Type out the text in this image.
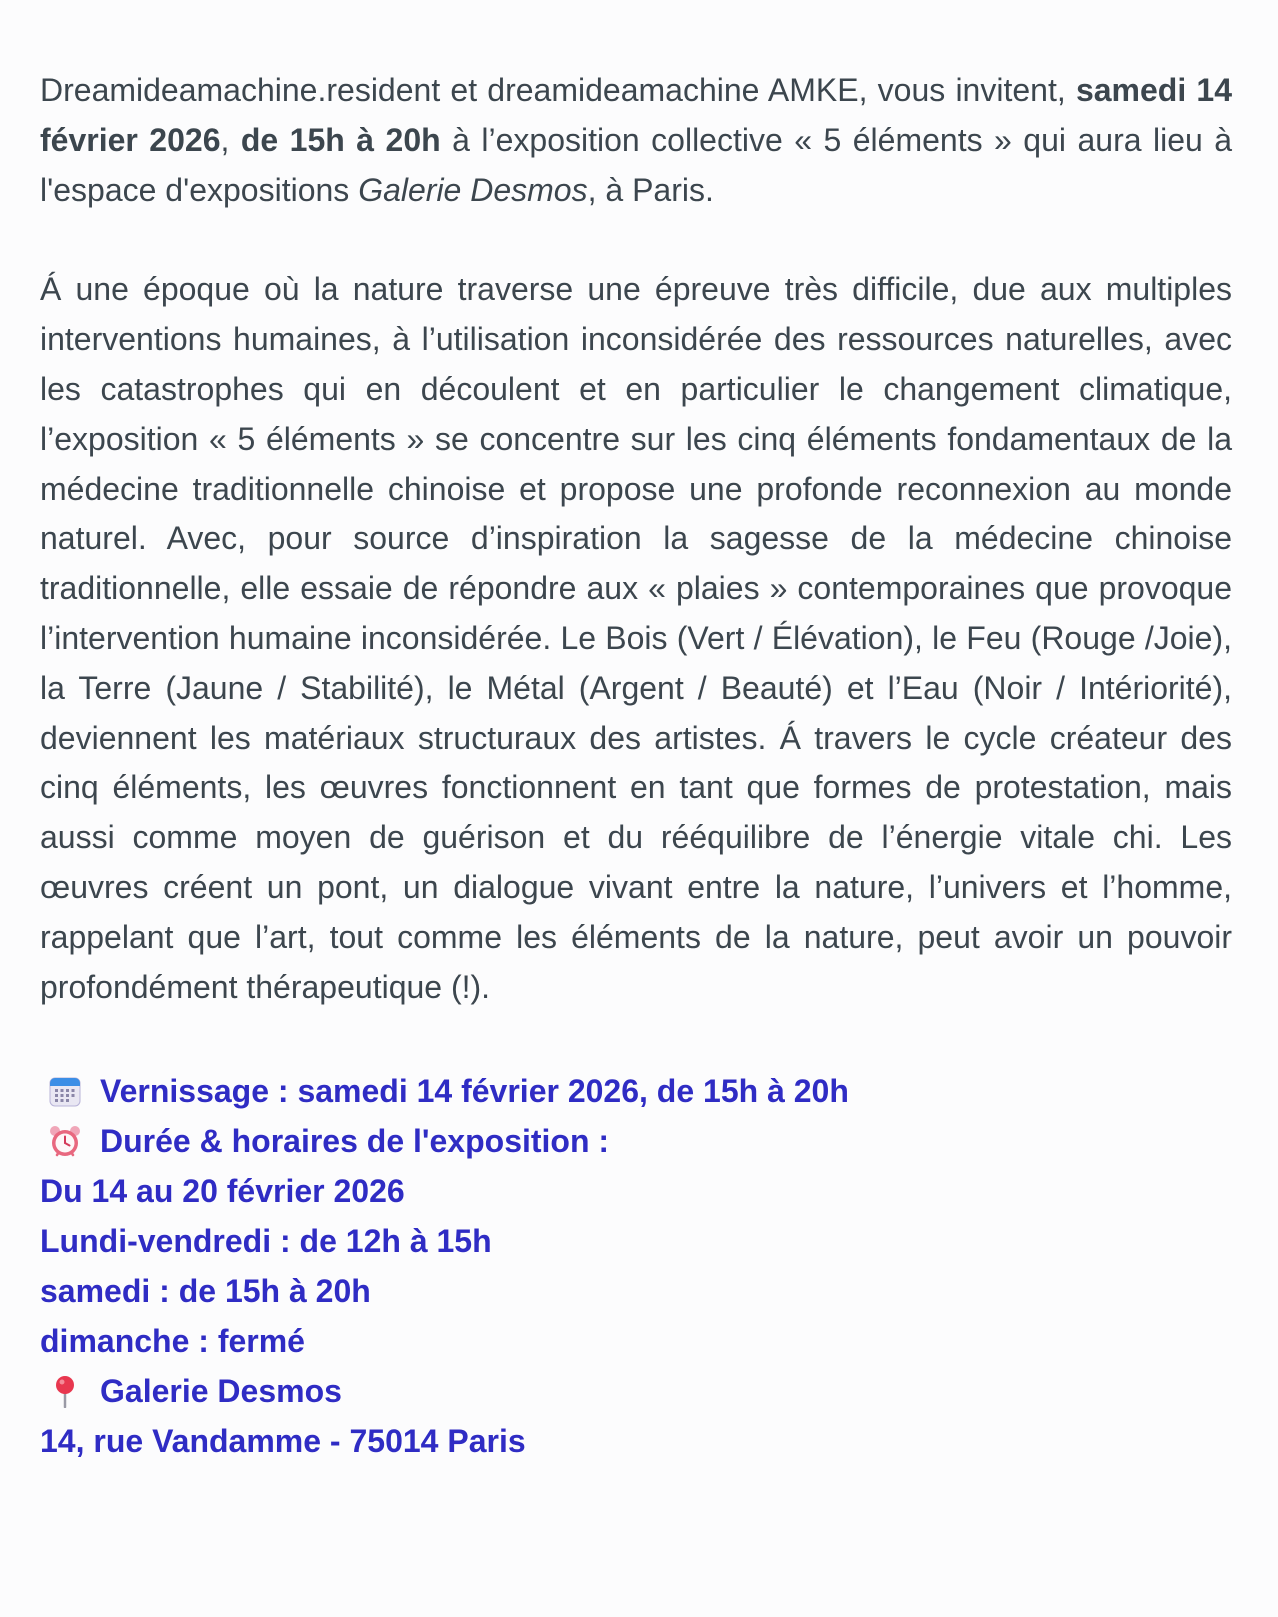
Dreamideamachine.resident et dreamideamachine AMKE, vous invitent, samedi 14 février 2026, de 15h à 20h à l’exposition collective « 5 éléments » qui aura lieu à l'espace d'expositions Galerie Desmos, à Paris.

Á une époque où la nature traverse une épreuve très difficile, due aux multiples interventions humaines, à l’utilisation inconsidérée des ressources naturelles, avec les catastrophes qui en découlent et en particulier le changement climatique, l’exposition « 5 éléments » se concentre sur les cinq éléments fondamentaux de la médecine traditionnelle chinoise et propose une profonde reconnexion au monde naturel. Avec, pour source d’inspiration la sagesse de la médecine chinoise traditionnelle, elle essaie de répondre aux « plaies » contemporaines que provoque l’intervention humaine inconsidérée. Le Bois (Vert / Élévation), le Feu (Rouge /Joie), la Terre (Jaune / Stabilité), le Métal (Argent / Beauté) et l’Eau (Noir / Intériorité), deviennent les matériaux structuraux des artistes. Á travers le cycle créateur des cinq éléments, les œuvres fonctionnent en tant que formes de protestation, mais aussi comme moyen de guérison et du rééquilibre de l’énergie vitale chi. Les œuvres créent un pont, un dialogue vivant entre la nature, l’univers et l’homme, rappelant que l’art, tout comme les éléments de la nature, peut avoir un pouvoir profondément thérapeutique (!).

Vernissage : samedi 14 février 2026, de 15h à 20h
Durée & horaires de l'exposition :
Du 14 au 20 février 2026
Lundi-vendredi : de 12h à 15h
samedi : de 15h à 20h
dimanche : fermé
Galerie Desmos
14, rue Vandamme - 75014 Paris
